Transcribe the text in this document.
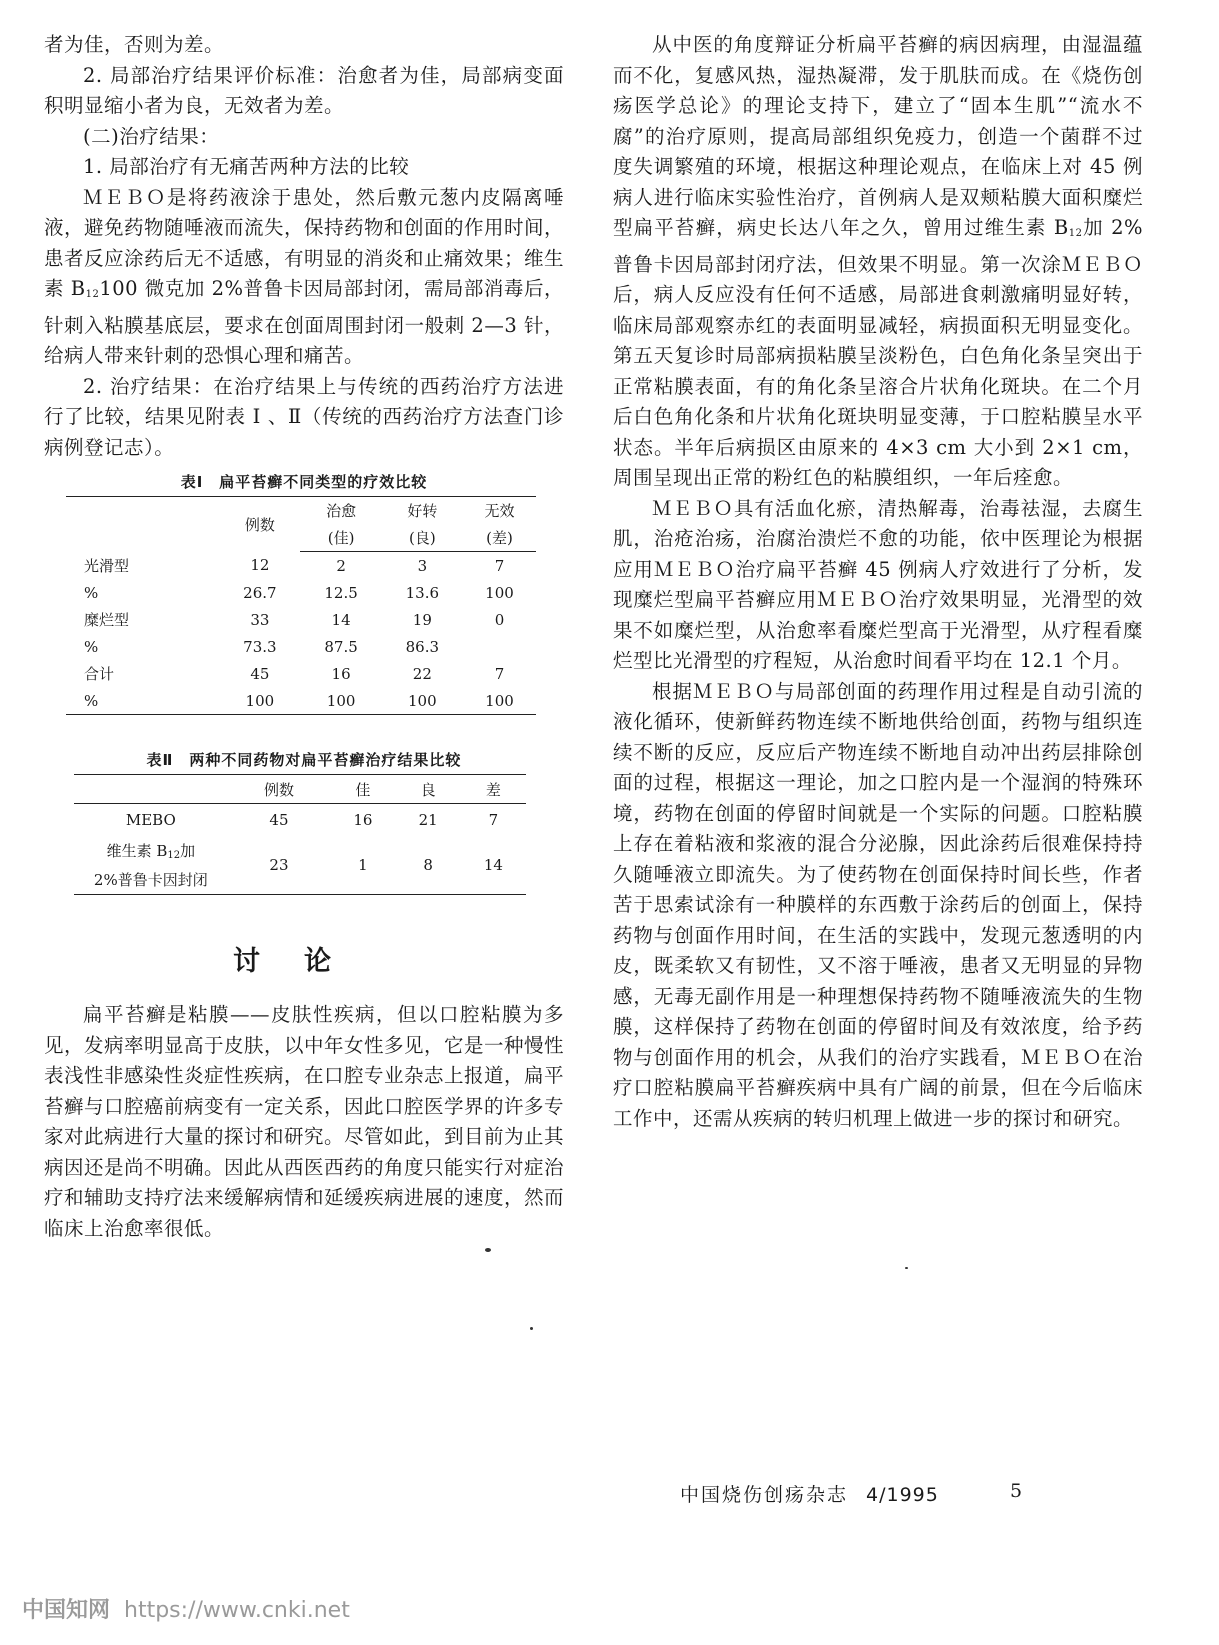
者为佳，否则为差。

2. 局部治疗结果评价标准：治愈者为佳，局部病变面积明显缩小者为良，无效者为差。

(二)治疗结果：

1. 局部治疗有无痛苦两种方法的比较

ＭＥＢＯ是将药液涂于患处，然后敷元葱内皮隔离唾液，避免药物随唾液而流失，保持药物和创面的作用时间，患者反应涂药后无不适感，有明显的消炎和止痛效果；维生素 $B_{12}100$ 微克加 2%普鲁卡因局部封闭，需局部消毒后，针刺入粘膜基底层，要求在创面周围封闭一般刺 2—3 针，给病人带来针刺的恐惧心理和痛苦。

2. 治疗结果：在治疗结果上与传统的西药治疗方法进行了比较，结果见附表 Ⅰ 、Ⅱ（传统的西药治疗方法查门诊病例登记志）。

表Ⅰ　扁平苔癣不同类型的疗效比较
	例数	治愈	好转	无效
		(佳)	(良)	(差)
光滑型	12	2	3	7
%	26.7	12.5	13.6	100
糜烂型	33	14	19	0
%	73.3	87.5	86.3	
合计	45	16	22	7
%	100	100	100	100
表Ⅱ　两种不同药物对扁平苔癣治疗结果比较
	例数	佳	良	差
MEBO	45	16	21	7
维生素 $B_{12}$加
2%普鲁卡因封闭	23	1	8	14
讨论

扁平苔癣是粘膜——皮肤性疾病，但以口腔粘膜为多见，发病率明显高于皮肤，以中年女性多见，它是一种慢性表浅性非感染性炎症性疾病，在口腔专业杂志上报道，扁平苔癣与口腔癌前病变有一定关系，因此口腔医学界的许多专家对此病进行大量的探讨和研究。尽管如此，到目前为止其病因还是尚不明确。因此从西医西药的角度只能实行对症治疗和辅助支持疗法来缓解病情和延缓疾病进展的速度，然而临床上治愈率很低。

从中医的角度辩证分析扁平苔癣的病因病理，由湿温蕴而不化，复感风热，湿热凝滞，发于肌肤而成。在《烧伤创疡医学总论》的理论支持下，建立了“固本生肌”“流水不腐”的治疗原则，提高局部组织免疫力，创造一个菌群不过度失调繁殖的环境，根据这种理论观点，在临床上对 45 例病人进行临床实验性治疗，首例病人是双颊粘膜大面积糜烂型扁平苔癣，病史长达八年之久，曾用过维生素 $B_{12}$加 2%普鲁卡因局部封闭疗法，但效果不明显。第一次涂ＭＥＢＯ后，病人反应没有任何不适感，局部进食刺激痛明显好转，临床局部观察赤红的表面明显减轻，病损面积无明显变化。第五天复诊时局部病损粘膜呈淡粉色，白色角化条呈突出于正常粘膜表面，有的角化条呈溶合片状角化斑块。在二个月后白色角化条和片状角化斑块明显变薄，于口腔粘膜呈水平状态。半年后病损区由原来的 4×3 cm 大小到 2×1 cm，周围呈现出正常的粉红色的粘膜组织，一年后痊愈。

ＭＥＢＯ具有活血化瘀，清热解毒，治毒祛湿，去腐生肌，治疮治疡，治腐治溃烂不愈的功能，依中医理论为根据应用ＭＥＢＯ治疗扁平苔癣 45 例病人疗效进行了分析，发现糜烂型扁平苔癣应用ＭＥＢＯ治疗效果明显，光滑型的效果不如糜烂型，从治愈率看糜烂型高于光滑型，从疗程看糜烂型比光滑型的疗程短，从治愈时间看平均在 12.1 个月。

根据ＭＥＢＯ与局部创面的药理作用过程是自动引流的液化循环，使新鲜药物连续不断地供给创面，药物与组织连续不断的反应，反应后产物连续不断地自动冲出药层排除创面的过程，根据这一理论，加之口腔内是一个湿润的特殊环境，药物在创面的停留时间就是一个实际的问题。口腔粘膜上存在着粘液和浆液的混合分泌腺，因此涂药后很难保持持久随唾液立即流失。为了使药物在创面保持时间长些，作者苦于思索试涂有一种膜样的东西敷于涂药后的创面上，保持药物与创面作用时间，在生活的实践中，发现元葱透明的内皮，既柔软又有韧性，又不溶于唾液，患者又无明显的异物感，无毒无副作用是一种理想保持药物不随唾液流失的生物膜，这样保持了药物在创面的停留时间及有效浓度，给予药物与创面作用的机会，从我们的治疗实践看，ＭＥＢＯ在治疗口腔粘膜扁平苔癣疾病中具有广阔的前景，但在今后临床工作中，还需从疾病的转归机理上做进一步的探讨和研究。

中国烧伤创疡杂志 4/1995	5
中国知网 https://www.cnki.net
